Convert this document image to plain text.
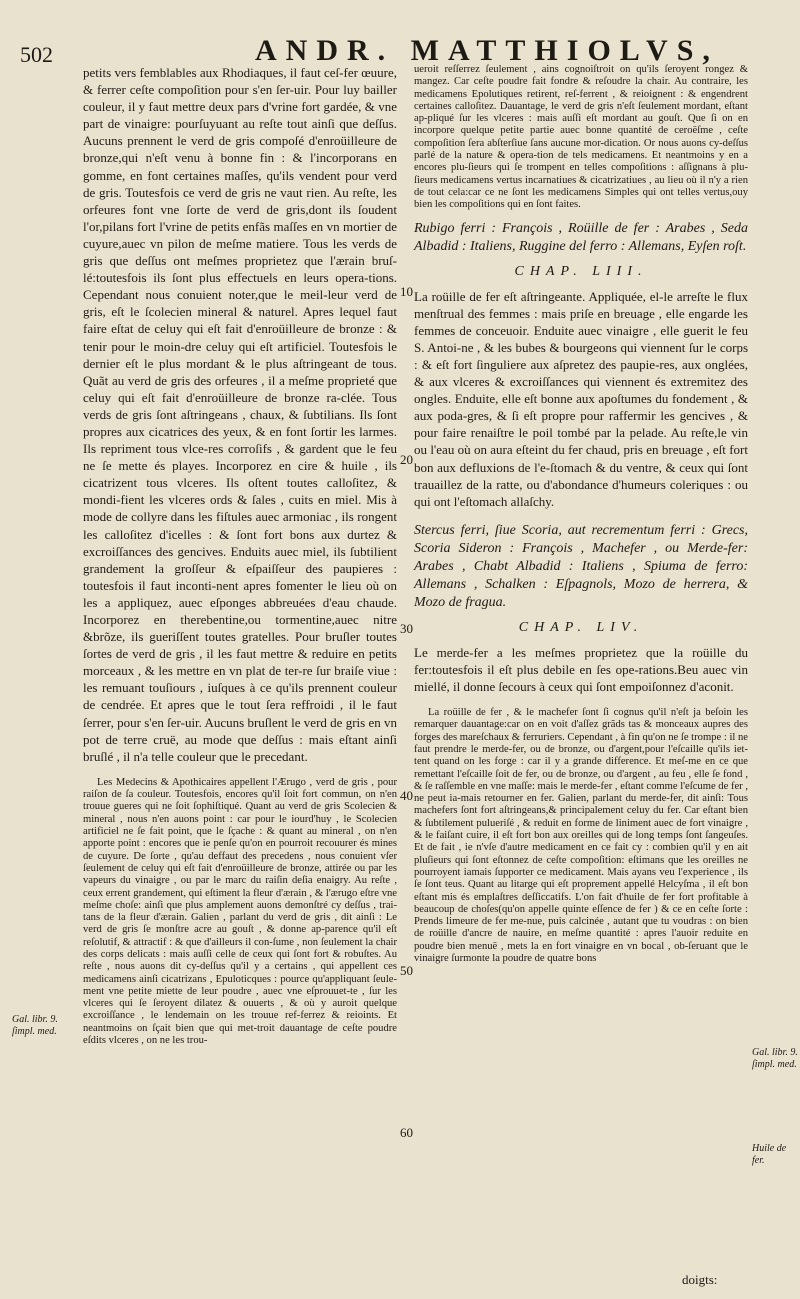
502	ANDR. MATTHIOLVS,

petits vers femblables aux Rhodiaques, il faut ceſ-fer œuure, & ferrer ceſte compoſition pour s'en ſer-uir. Pour luy bailler couleur, il y faut mettre deux pars d'vrine fort gardée, & vne part de vinaigre: pourſuyuant au reſte tout ainſi que deſſus. Aucuns prennent le verd de gris compoſé d'enroüilleure de bronze,qui n'eſt venu à bonne fin : & l'incorporans en gomme, en font certaines maſſes, qu'ils vendent pour verd de gris. Toutesfois ce verd de gris ne vaut rien. Au reſte, les orfeures font vne ſorte de verd de gris,dont ils ſoudent l'or,pilans fort l'vrine de petits enfãs maſſes en vn mortier de cuyure,auec vn pilon de meſme matiere. Tous les verds de gris que deſſus ont meſmes proprietez que l'ærain bruſ-lé:toutesfois ils ſont plus effectuels en leurs opera-tions. Cependant nous conuient noter,que le meil-leur verd de gris, eſt le ſcolecien mineral & naturel. Apres lequel faut faire eſtat de celuy qui eſt fait d'enroüilleure de bronze : & tenir pour le moin-dre celuy qui eſt artificiel. Toutesfois le dernier eſt le plus mordant & le plus aſtringeant de tous. Quãt au verd de gris des orfeures , il a meſme proprieté que celuy qui eſt fait d'enroüilleure de bronze ra-clée. Tous verds de gris ſont aſtringeans , chaux, & ſubtilians. Ils ſont propres aux cicatrices des yeux, & en font ſortir les larmes. Ils repriment tous vlce-res corroſifs , & gardent que le feu ne ſe mette és playes. Incorporez en cire & huile , ils cicatrizent tous vlceres. Ils oſtent toutes calloſitez, & mondi-fient les vlceres ords & ſales , cuits en miel. Mis à mode de collyre dans les fiſtules auec armoniac , ils rongent les calloſitez d'icelles : & ſont fort bons aux durtez & excroiſſances des gencives. Enduits auec miel, ils ſubtilient grandement la groſſeur & eſpaiſſeur des paupieres : toutesfois il faut inconti-nent apres fomenter le lieu où on les a appliquez, auec eſponges abbreuées d'eau chaude. Incorporez en therebentine,ou tormentine,auec nitre &brõze, ils gueriſſent toutes gratelles. Pour bruſler toutes ſortes de verd de gris , il les faut mettre & reduire en petits morceaux , & les mettre en vn plat de ter-re ſur braiſe viue : les remuant touſiours , iuſques à ce qu'ils prennent couleur de cendrée. Et apres que le tout ſera reffroidi , il le faut ſerrer, pour s'en ſer-uir. Aucuns bruſlent le verd de gris en vn pot de terre cruë, au mode que deſſus : mais eſtant ainſi bruſlé , il n'a telle couleur que le precedant.

Les Medecins & Apothicaires appellent l'Ærugo , verd de gris , pour raiſon de ſa couleur. Toutesfois, encores qu'il ſoit fort commun, on n'en trouue gueres qui ne ſoit ſophiſtiqué. Quant au verd de gris Scolecien & mineral , nous n'en auons point : car pour le iourd'huy , le Scolecien artificiel ne ſe fait point, que le ſçache : & quant au mineral , on n'en apporte point : encores que ie penſe qu'on en pourroit recouurer és mines de cuyure. De ſorte , qu'au deffaut des precedens , nous conuient vſer ſeulement de celuy qui eſt fait d'enroüilleure de bronze, attirée ou par les vapeurs du vinaigre , ou par le marc du raiſin deſia enaigry. Au reſte , ceux errent grandement, qui eſtiment la fleur d'ærain , & l'ærugo eſtre vne meſme choſe: ainſi que plus amplement auons demonſtré cy deſſus , trai-tans de la fleur d'ærain. Galien , parlant du verd de gris , dit ainſi : Le verd de gris ſe monſtre acre au gouſt , & donne ap-parence qu'il eſt reſolutif, & attractif : & que d'ailleurs il con-ſume , non ſeulement la chair des corps delicats : mais auſſi celle de ceux qui ſont fort & robuſtes. Au reſte , nous auons dit cy-deſſus qu'il y a certains , qui appellent ces medicamens ainſi cicatrizans , Epuloticques : pource qu'appliquant ſeule-ment vne petite miette de leur poudre , auec vne eſprouuet-te , ſur les vlceres qui ſe ſeroyent dilatez & ouuerts , & où y auroit quelque excroiſſance , le lendemain on les trouue ref-ferrez & reioints. Et neantmoins on ſçait bien que qui met-troit dauantage de ceſte poudre eſdits vlceres , on ne les trou-

ueroit reſſerrez ſeulement , ains cognoiſtroit on qu'ils ſeroyent rongez & mangez. Car ceſte poudre fait fondre & reſoudre la chair. Au contraire, les medicamens Epolutiques retirent, reſ-ferrent , & reioignent : & engendrent certaines calloſitez. Dauantage, le verd de gris n'eſt ſeulement mordant, eſtant ap-pliqué ſur les vlceres : mais auſſi eſt mordant au gouſt. Que ſi on en incorpore quelque petite partie auec bonne quantité de ceroëſme , ceſte compoſition ſera abſterſiue ſans aucune mor-dication. Or nous auons cy-deſſus parlé de la nature & opera-tion de tels medicamens. Et neantmoins y en a encores plu-ſieurs qui ſe trompent en telles compoſitions : aſſignans à plu-ſieurs medicamens vertus incarnatiues & cicatrizatiues , au lieu où il n'y a rien de tout cela:car ce ne ſont les medicamens Simples qui ont telles vertus,ouy bien les compoſitions qui en ſont faites.

Rubigo ferri : François , Roüille de fer : Arabes , Seda Albadid : Italiens, Ruggine del ferro : Allemans, Eyſen roſt.

CHAP. LIII.

La roüille de fer eſt aſtringeante. Appliquée, el-le arreſte le flux menſtrual des femmes : mais priſe en breuage , elle engarde les femmes de conceuoir. Enduite auec vinaigre , elle guerit le feu S. Antoi-ne , & les bubes & bourgeons qui viennent ſur le corps : & eſt fort ſinguliere aux aſpretez des paupie-res, aux onglées, & aux vlceres & excroiſſances qui viennent és extremitez des ongles. Enduite, elle eſt bonne aux apoſtumes du fondement , & aux poda-gres, & ſi eſt propre pour raffermir les gencives , & pour faire renaiſtre le poil tombé par la pelade. Au reſte,le vin ou l'eau où on aura eſteint du fer chaud, pris en breuage , eſt fort bon aux defluxions de l'e-ſtomach & du ventre, & ceux qui ſont trauaillez de la ratte, ou d'abondance d'humeurs coleriques : ou qui ont l'eſtomach allaſchy.

Stercus ferri, ſiue Scoria, aut recrementum ferri : Grecs, Scoria Sideron : François , Machefer , ou Merde-fer: Arabes , Chabt Albadid : Italiens , Spiuma de ferro: Allemans , Schalken : Eſpagnols, Mozo de herrera, & Mozo de fragua.

CHAP. LIV.

Le merde-fer a les meſmes proprietez que la roüille du fer:toutesfois il eſt plus debile en ſes ope-rations.Beu auec vin miellé, il donne ſecours à ceux qui ſont empoiſonnez d'aconit.

La roüille de fer , & le machefer ſont ſi cognus qu'il n'eſt ja beſoin les remarquer dauantage:car on en voit d'aſſez grãds tas & monceaux aupres des forges des mareſchaux & ferruriers. Cependant , à fin qu'on ne ſe trompe : il ne faut prendre le merde-fer, ou de bronze, ou d'argent,pour l'eſcaille qu'ils iet-tent quand on les forge : car il y a grande difference. Et meſ-me en ce que remettant l'eſcaille ſoit de fer, ou de bronze, ou d'argent , au feu , elle ſe fond , & ſe raſſemble en vne maſſe: mais le merde-fer , eſtant comme l'eſcume de fer , ne peut ia-mais retourner en fer. Galien, parlant du merde-fer, dit ainſi: Tous machefers ſont fort aſtringeans,& principalement celuy du fer. Car eſtant bien & ſubtilement pulueriſé , & reduit en forme de liniment auec de fort vinaigre , & le faiſant cuire, il eſt fort bon aux oreilles qui de long temps ſont ſangeuſes. Et de fait , ie n'vſe d'autre medicament en ce fait cy : combien qu'il y en ait pluſieurs qui ſont eſtonnez de ceſte compoſition: eſtimans que les oreilles ne pourroyent iamais ſupporter ce medicament. Mais ayans veu l'experience , ils ſe ſont teus. Quant au litarge qui eſt proprement appellé Helcyſma , il eſt bon eſtant mis és emplaſtres deſſiccatifs. L'on fait d'huile de fer fort profitable à beaucoup de choſes(qu'on appelle quinte eſſence de fer ) & ce en ceſte ſorte : Prends limeure de fer me-nue, puis calcinée , autant que tu voudras : on bien de roüille d'ancre de nauire, en meſme quantité : apres l'auoir reduite en poudre bien menuë , mets la en fort vinaigre en vn bocal , ob-ſeruant que le vinaigre ſurmonte la poudre de quatre bons

10
20
30
40
50
60
Gal. libr. 9. ſimpl. med.
Gal. libr. 9. ſimpl. med.
Huile de fer.
doigts:
